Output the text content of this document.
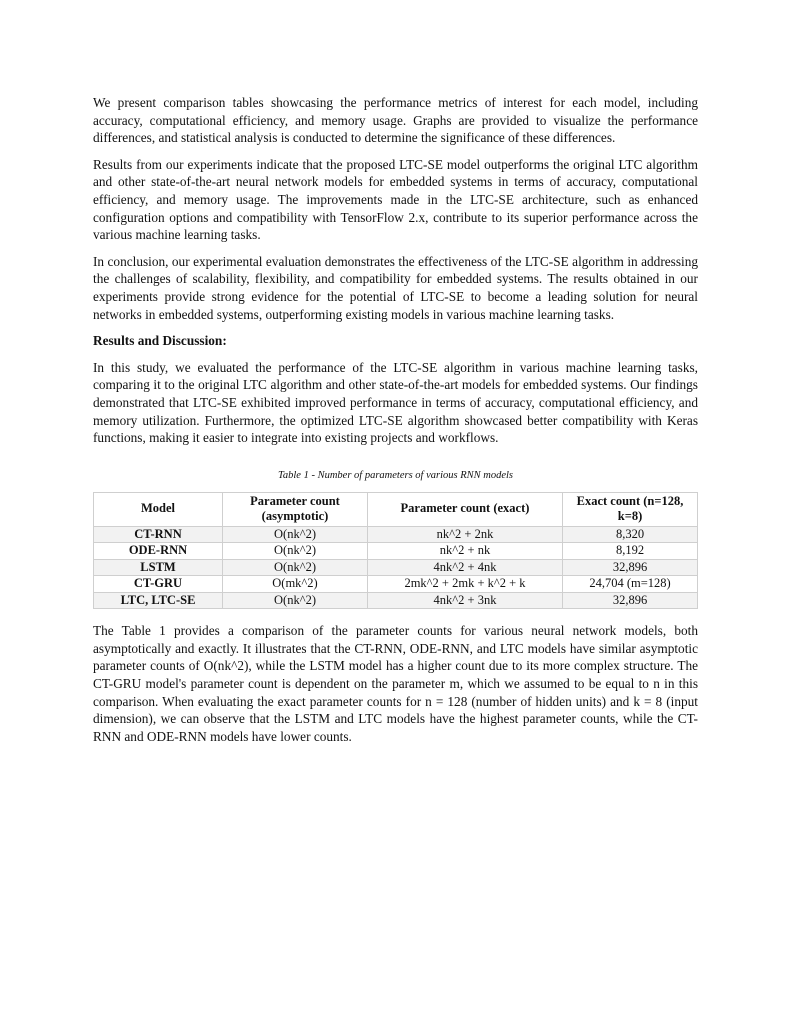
We present comparison tables showcasing the performance metrics of interest for each model, including accuracy, computational efficiency, and memory usage. Graphs are provided to visualize the performance differences, and statistical analysis is conducted to determine the significance of these differences.

Results from our experiments indicate that the proposed LTC-SE model outperforms the original LTC algorithm and other state-of-the-art neural network models for embedded systems in terms of accuracy, computational efficiency, and memory usage. The improvements made in the LTC-SE architecture, such as enhanced configuration options and compatibility with TensorFlow 2.x, contribute to its superior performance across the various machine learning tasks.

In conclusion, our experimental evaluation demonstrates the effectiveness of the LTC-SE algorithm in addressing the challenges of scalability, flexibility, and compatibility for embedded systems. The results obtained in our experiments provide strong evidence for the potential of LTC-SE to become a leading solution for neural networks in embedded systems, outperforming existing models in various machine learning tasks.

Results and Discussion:

In this study, we evaluated the performance of the LTC-SE algorithm in various machine learning tasks, comparing it to the original LTC algorithm and other state-of-the-art models for embedded systems. Our findings demonstrated that LTC-SE exhibited improved performance in terms of accuracy, computational efficiency, and memory utilization. Furthermore, the optimized LTC-SE algorithm showcased better compatibility with Keras functions, making it easier to integrate into existing projects and workflows.

Table 1 - Number of parameters of various RNN models
Model	Parameter count (asymptotic)	Parameter count (exact)	Exact count (n=128, k=8)
CT-RNN	O(nk^2)	nk^2 + 2nk	8,320
ODE-RNN	O(nk^2)	nk^2 + nk	8,192
LSTM	O(nk^2)	4nk^2 + 4nk	32,896
CT-GRU	O(mk^2)	2mk^2 + 2mk + k^2 + k	24,704 (m=128)
LTC, LTC-SE	O(nk^2)	4nk^2 + 3nk	32,896

The Table 1 provides a comparison of the parameter counts for various neural network models, both asymptotically and exactly. It illustrates that the CT-RNN, ODE-RNN, and LTC models have similar asymptotic parameter counts of O(nk^2), while the LSTM model has a higher count due to its more complex structure. The CT-GRU model's parameter count is dependent on the parameter m, which we assumed to be equal to n in this comparison. When evaluating the exact parameter counts for n = 128 (number of hidden units) and k = 8 (input dimension), we can observe that the LSTM and LTC models have the highest parameter counts, while the CT-RNN and ODE-RNN models have lower counts.
